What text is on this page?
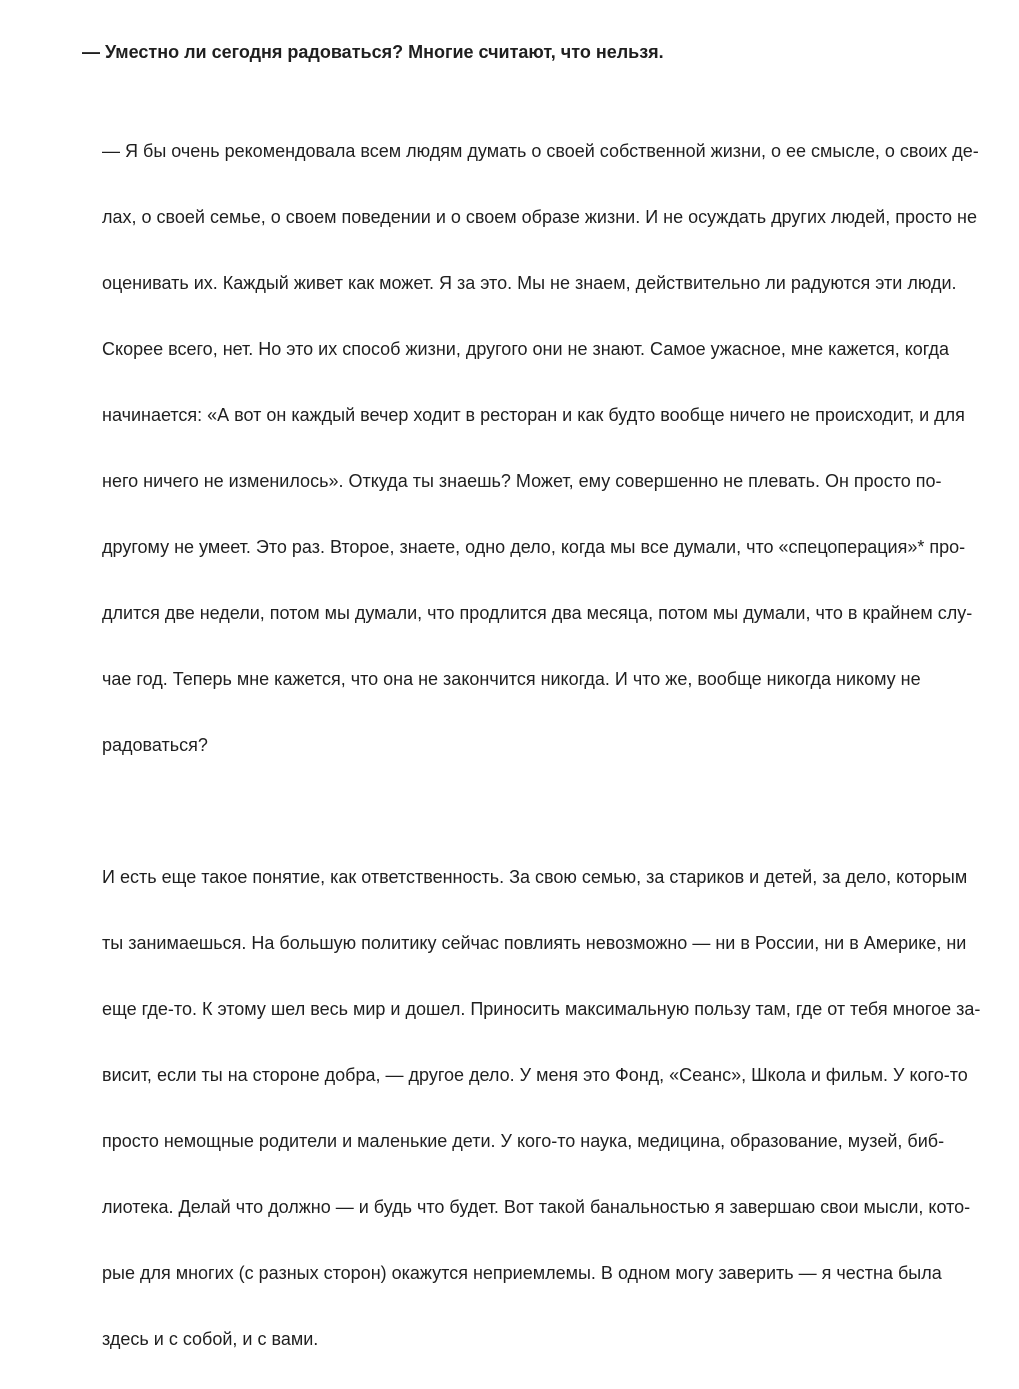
— Уместно ли сегодня радоваться? Многие считают, что нельзя.

— Я бы очень рекомендовала всем людям думать о своей собственной жизни, о ее смысле, о своих де-

лах, о своей семье, о своем поведении и о своем образе жизни. И не осуждать других людей, просто не

оценивать их. Каждый живет как может. Я за это. Мы не знаем, действительно ли радуются эти люди.

Скорее всего, нет. Но это их способ жизни, другого они не знают. Самое ужасное, мне кажется, когда

начинается: «А вот он каждый вечер ходит в ресторан и как будто вообще ничего не происходит, и для

него ничего не изменилось». Откуда ты знаешь? Может, ему совершенно не плевать. Он просто по-

другому не умеет. Это раз. Второе, знаете, одно дело, когда мы все думали, что «спецоперация»* про-

длится две недели, потом мы думали, что продлится два месяца, потом мы думали, что в крайнем слу-

чае год. Теперь мне кажется, что она не закончится никогда. И что же, вообще никогда никому не

радоваться?

И есть еще такое понятие, как ответственность. За свою семью, за стариков и детей, за дело, которым

ты занимаешься. На большую политику сейчас повлиять невозможно — ни в России, ни в Америке, ни

еще где-то. К этому шел весь мир и дошел. Приносить максимальную пользу там, где от тебя многое за-

висит, если ты на стороне добра, — другое дело. У меня это Фонд, «Сеанс», Школа и фильм. У кого-то

просто немощные родители и маленькие дети. У кого-то наука, медицина, образование, музей, биб-

лиотека. Делай что должно — и будь что будет. Вот такой банальностью я завершаю свои мысли, кото-

рые для многих (с разных сторон) окажутся неприемлемы. В одном могу заверить — я честна была

здесь и с собой, и с вами.
